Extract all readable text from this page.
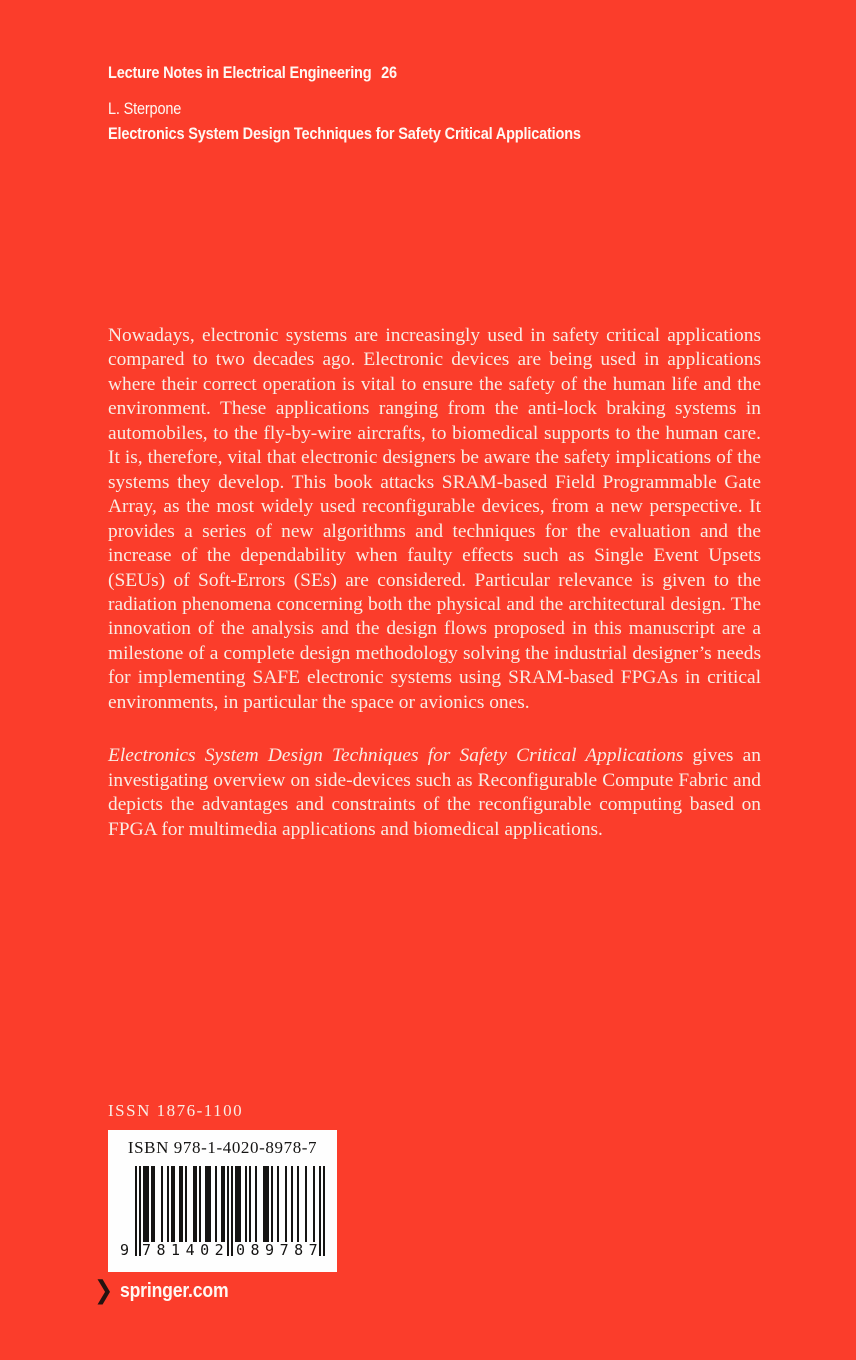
Lecture Notes in Electrical Engineering 26
L. Sterpone
Electronics System Design Techniques for Safety Critical Applications

Nowadays, electronic systems are increasingly used in safety critical applications compared to two decades ago. Electronic devices are being used in applications where their correct operation is vital to ensure the safety of the human life and the environment. These applications ranging from the anti-lock braking systems in automobiles, to the fly-by-wire aircrafts, to biomedical supports to the human care. It is, therefore, vital that electronic designers be aware the safety implications of the systems they develop. This book attacks SRAM-based Field Programmable Gate Array, as the most widely used reconfigurable devices, from a new perspective. It provides a series of new algorithms and techniques for the evaluation and the increase of the dependability when faulty effects such as Single Event Upsets (SEUs) of Soft-Errors (SEs) are considered. Particular relevance is given to the radiation phenomena concerning both the physical and the architectural design. The innovation of the analysis and the design flows proposed in this manuscript are a milestone of a complete design methodology solving the industrial designer’s needs for implementing SAFE electronic systems using SRAM-based FPGAs in critical environments, in particular the space or avionics ones.

Electronics System Design Techniques for Safety Critical Applications gives an investigating overview on side-devices such as Reconfigurable Compute Fabric and depicts the advantages and constraints of the reconfigurable computing based on FPGA for multimedia applications and biomedical applications.

ISSN 1876-1100
ISBN 978-1-4020-8978-7
9 781402 089787
❯ springer.com
